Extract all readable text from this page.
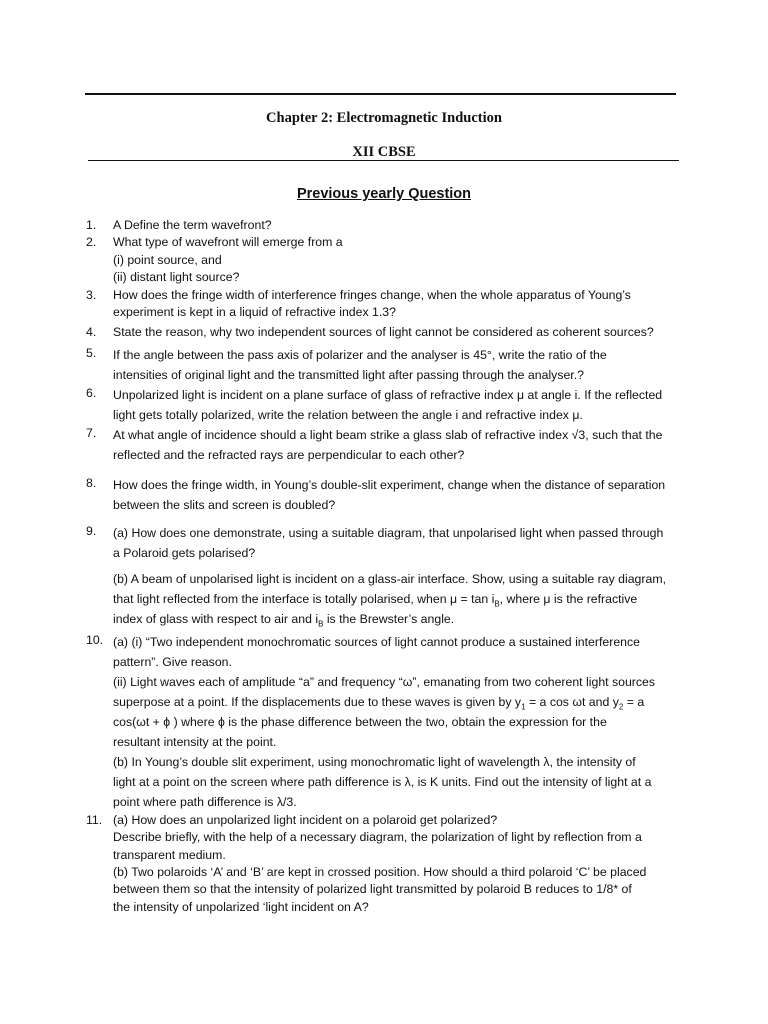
Chapter 2: Electromagnetic Induction
XII CBSE
Previous yearly Question
1. A Define the term wavefront?
2. What type of wavefront will emerge from a
(i) point source, and
(ii) distant light source?
3. How does the fringe width of interference fringes change, when the whole apparatus of Young’s
experiment is kept in a liquid of refractive index 1.3?
4. State the reason, why two independent sources of light cannot be considered as coherent sources?
5. If the angle between the pass axis of polarizer and the analyser is 45°, write the ratio of the
intensities of original light and the transmitted light after passing through the analyser.?
6. Unpolarized light is incident on a plane surface of glass of refractive index μ at angle i. If the reflected
light gets totally polarized, write the relation between the angle i and refractive index μ.
7. At what angle of incidence should a light beam strike a glass slab of refractive index √3, such that the
reflected and the refracted rays are perpendicular to each other?
8. How does the fringe width, in Young’s double-slit experiment, change when the distance of separation
between the slits and screen is doubled?
9. (a) How does one demonstrate, using a suitable diagram, that unpolarised light when passed through
a Polaroid gets polarised?
(b) A beam of unpolarised light is incident on a glass-air interface. Show, using a suitable ray diagram,
that light reflected from the interface is totally polarised, when $\mu = \tan i_B$, where μ is the refractive
index of glass with respect to air and $i_B$ is the Brewster’s angle.
10. (a) (i) “Two independent monochromatic sources of light cannot produce a sustained interference
pattern”. Give reason.
(ii) Light waves each of amplitude “a” and frequency “ω”, emanating from two coherent light sources
superpose at a point. If the displacements due to these waves is given by $y_1 = a$ cos ωt and $y_2 = a$
cos(ωt + ϕ ) where ϕ is the phase difference between the two, obtain the expression for the
resultant intensity at the point.
(b) In Young’s double slit experiment, using monochromatic light of wavelength λ, the intensity of
light at a point on the screen where path difference is λ, is K units. Find out the intensity of light at a
point where path difference is λ/3.
11. (a) How does an unpolarized light incident on a polaroid get polarized?
Describe briefly, with the help of a necessary diagram, the polarization of light by reflection from a
transparent medium.
(b) Two polaroids ‘A’ and ‘B’ are kept in crossed position. How should a third polaroid ‘C’ be placed
between them so that the intensity of polarized light transmitted by polaroid B reduces to 1/8* of
the intensity of unpolarized ‘light incident on A?
